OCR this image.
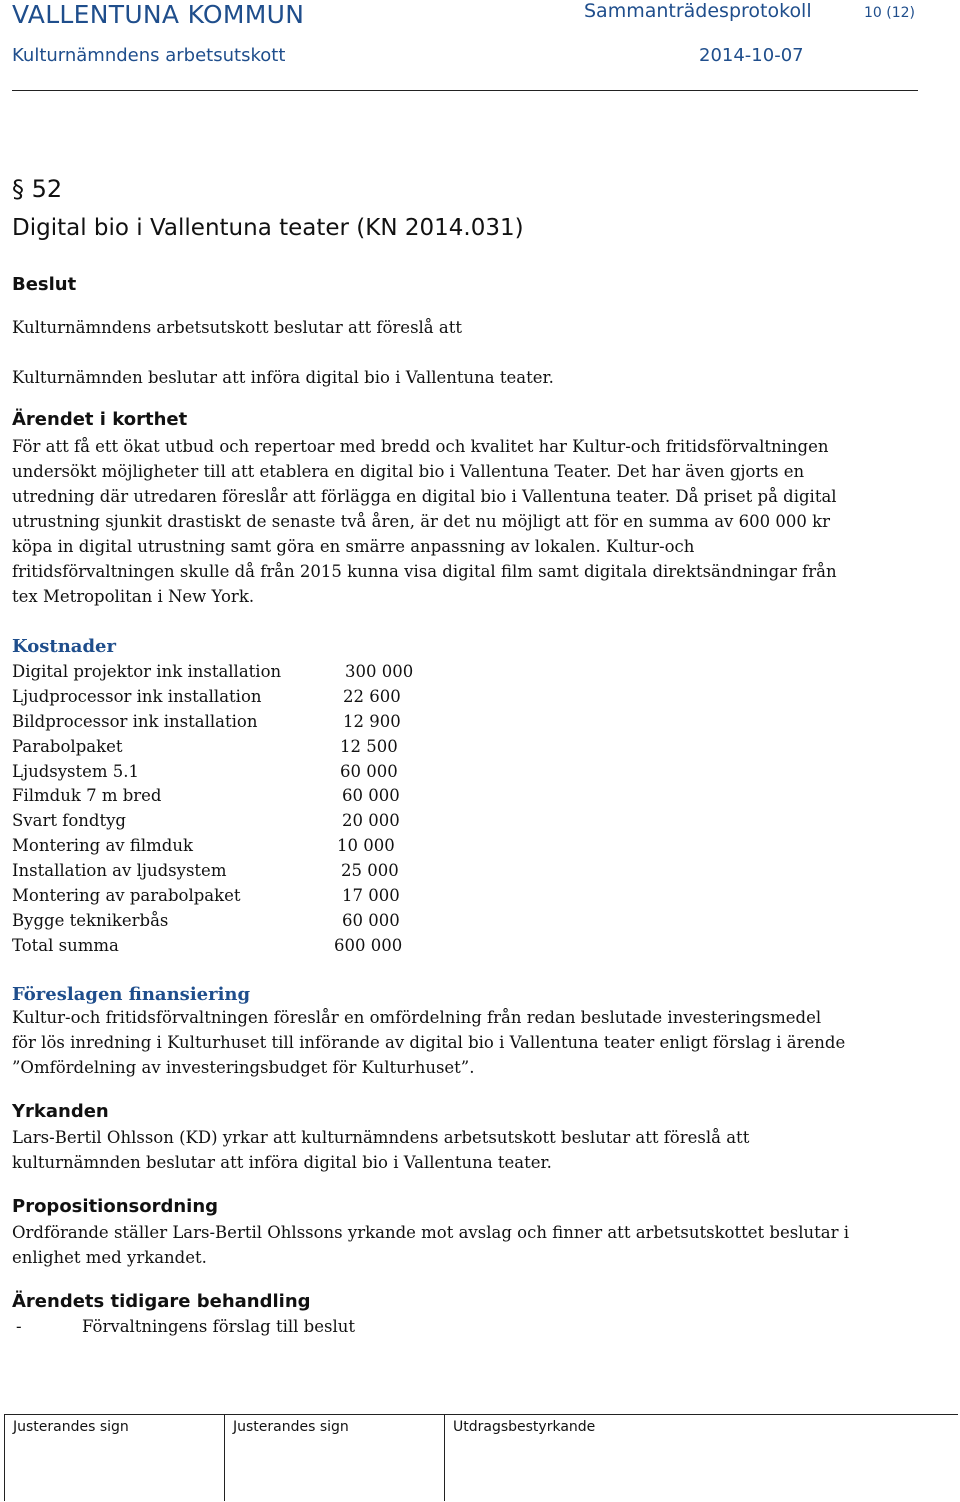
VALLENTUNA KOMMUN	Sammanträdesprotokoll	10 (12)
Kulturnämndens arbetsutskott	2014-10-07
§ 52
Digital bio i Vallentuna teater (KN 2014.031)
Beslut
Kulturnämndens arbetsutskott beslutar att föreslå att
Kulturnämnden beslutar att införa digital bio i Vallentuna teater.
Ärendet i korthet
För att få ett ökat utbud och repertoar med bredd och kvalitet har Kultur-och fritidsförvaltningen
undersökt möjligheter till att etablera en digital bio i Vallentuna Teater. Det har även gjorts en
utredning där utredaren föreslår att förlägga en digital bio i Vallentuna teater. Då priset på digital
utrustning sjunkit drastiskt de senaste två åren, är det nu möjligt att för en summa av 600 000 kr
köpa in digital utrustning samt göra en smärre anpassning av lokalen. Kultur-och
fritidsförvaltningen skulle då från 2015 kunna visa digital film samt digitala direktsändningar från
tex Metropolitan i New York.
Kostnader
Digital projektor ink installation	300 000
Ljudprocessor ink installation	22 600
Bildprocessor ink installation	12 900
Parabolpaket	12 500
Ljudsystem 5.1	60 000
Filmduk 7 m bred	60 000
Svart fondtyg	20 000
Montering av filmduk	10 000
Installation av ljudsystem	25 000
Montering av parabolpaket	17 000
Bygge teknikerbås	60 000
Total summa	600 000
Föreslagen finansiering
Kultur-och fritidsförvaltningen föreslår en omfördelning från redan beslutade investeringsmedel
för lös inredning i Kulturhuset till införande av digital bio i Vallentuna teater enligt förslag i ärende
”Omfördelning av investeringsbudget för Kulturhuset”.
Yrkanden
Lars-Bertil Ohlsson (KD) yrkar att kulturnämndens arbetsutskott beslutar att föreslå att
kulturnämnden beslutar att införa digital bio i Vallentuna teater.
Propositionsordning
Ordförande ställer Lars-Bertil Ohlssons yrkande mot avslag och finner att arbetsutskottet beslutar i
enlighet med yrkandet.
Ärendets tidigare behandling
-	Förvaltningens förslag till beslut
Justerandes sign	Justerandes sign	Utdragsbestyrkande
